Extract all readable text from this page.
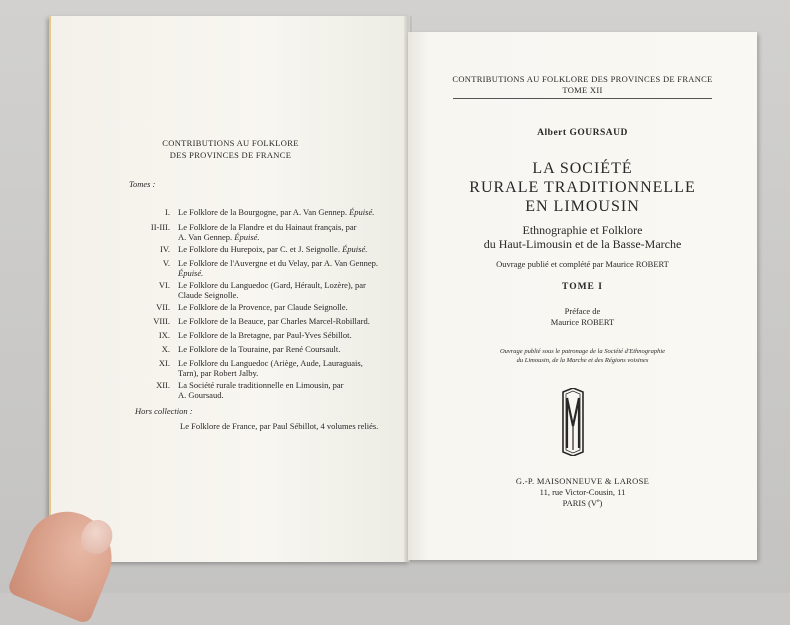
CONTRIBUTIONS AU FOLKLORE
DES PROVINCES DE FRANCE
Tomes :
I. Le Folklore de la Bourgogne, par A. Van Gennep. Épuisé.
II-III. Le Folklore de la Flandre et du Hainaut français, par
A. Van Gennep. Épuisé.
IV. Le Folklore du Hurepoix, par C. et J. Seignolle. Épuisé.
V. Le Folklore de l'Auvergne et du Velay, par A. Van Gennep.
Épuisé.
VI. Le Folklore du Languedoc (Gard, Hérault, Lozère), par
Claude Seignolle.
VII. Le Folklore de la Provence, par Claude Seignolle.
VIII. Le Folklore de la Beauce, par Charles Marcel-Robillard.
IX. Le Folklore de la Bretagne, par Paul-Yves Sébillot.
X. Le Folklore de la Touraine, par René Coursault.
XI. Le Folklore du Languedoc (Ariège, Aude, Lauraguais,
Tarn), par Robert Jalby.
XII. La Société rurale traditionnelle en Limousin, par
A. Goursaud.
Hors collection :
Le Folklore de France, par Paul Sébillot, 4 volumes reliés.
CONTRIBUTIONS AU FOLKLORE DES PROVINCES DE FRANCE
TOME XII
Albert GOURSAUD
LA SOCIÉTÉ
RURALE TRADITIONNELLE
EN LIMOUSIN
Ethnographie et Folklore
du Haut-Limousin et de la Basse-Marche
Ouvrage publié et complété par Maurice ROBERT
TOME I
Préface de
Maurice ROBERT
Ouvrage publié sous le patronage de la Société d'Ethnographie
du Limousin, de la Marche et des Régions voisines
G.-P. MAISONNEUVE & LAROSE
11, rue Victor-Cousin, 11
PARIS (Ve)
